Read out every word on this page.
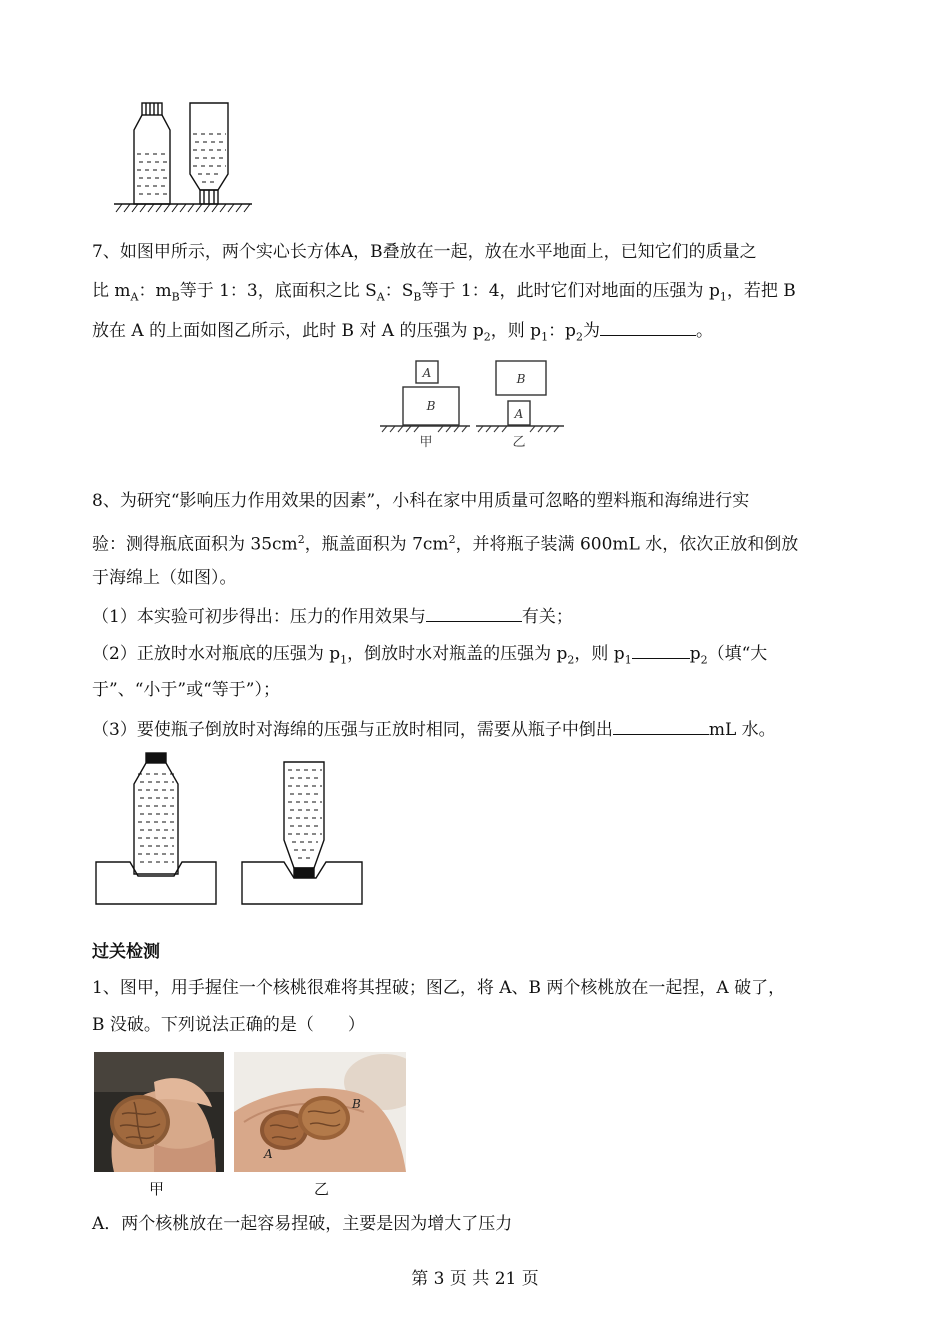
7、如图甲所示，两个实心长方体A，B叠放在一起，放在水平地面上，已知它们的质量之
比 $m_A$：$m_B$等于 1：3，底面积之比 $S_A$：$S_B$等于 1：4，此时它们对地面的压强为 $p_1$，若把 B
放在 A 的上面如图乙所示，此时 B 对 A 的压强为 $p_2$，则 $p_1$：$p_2$为	。
A
B
B
A
甲	乙
8、为研究“影响压力作用效果的因素”，小科在家中用质量可忽略的塑料瓶和海绵进行实
验：测得瓶底面积为 $35cm^2$，瓶盖面积为 $7cm^2$，并将瓶子装满 600mL 水，依次正放和倒放
于海绵上（如图）。
（1）本实验可初步得出：压力的作用效果与	有关；
（2）正放时水对瓶底的压强为 $p_1$，倒放时水对瓶盖的压强为 $p_2$，则 $p_1$	$p_2$（填“大
于”、“小于”或“等于”）；
（3）要使瓶子倒放时对海绵的压强与正放时相同，需要从瓶子中倒出	mL 水。
过关检测
1、图甲，用手握住一个核桃很难将其捏破；图乙，将 A、B 两个核桃放在一起捏，A 破了，
B 没破。下列说法正确的是（　　）
甲
A
B
乙
A．两个核桃放在一起容易捏破，主要是因为增大了压力
第 3 页 共 21 页
